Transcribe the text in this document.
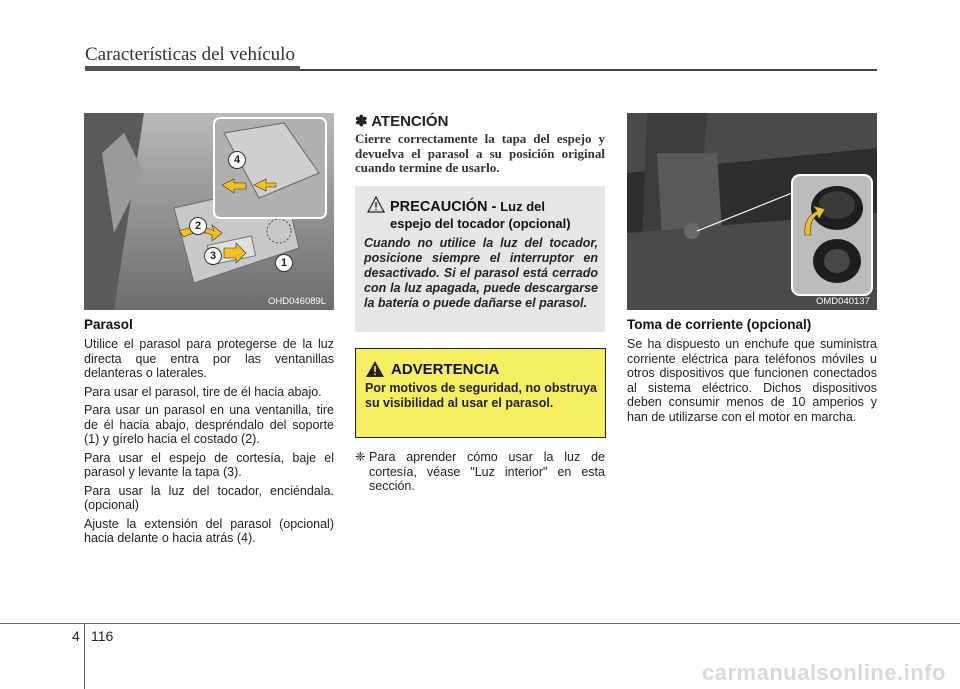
Características del vehículo
4
2
3
1
OHD046089L
Parasol

Utilice el parasol para protegerse de la luz directa que entra por las ventanillas delanteras o laterales.

Para usar el parasol, tire de él hacia abajo.

Para usar un parasol en una ventanilla, tire de él hacia abajo, despréndalo del soporte (1) y gírelo hacia el costado (2).

Para usar el espejo de cortesía, baje el parasol y levante la tapa (3).

Para usar la luz del tocador, enciéndala. (opcional)

Ajuste la extensión del parasol (opcional) hacia delante o hacia atrás (4).

✽ ATENCIÓN
Cierre correctamente la tapa del espejo y devuelva el parasol a su posición original cuando termine de usarlo.
PRECAUCIÓN - Luz del
espejo del tocador (opcional)
Cuando no utilice la luz del tocador, posicione siempre el interruptor en desactivado. Si el parasol está cerrado con la luz apagada, puede descargarse la batería o puede dañarse el parasol.
ADVERTENCIA
Por motivos de seguridad, no obstruya su visibilidad al usar el parasol.
❈ Para aprender cómo usar la luz de cortesía, véase "Luz interior" en esta sección.
OMD040137
Toma de corriente (opcional)

Se ha dispuesto un enchufe que suministra corriente eléctrica para teléfonos móviles u otros dispositivos que funcionen conectados al sistema eléctrico. Dichos dispositivos deben consumir menos de 10 amperios y han de utilizarse con el motor en marcha.

4 116
carmanualsonline.info
